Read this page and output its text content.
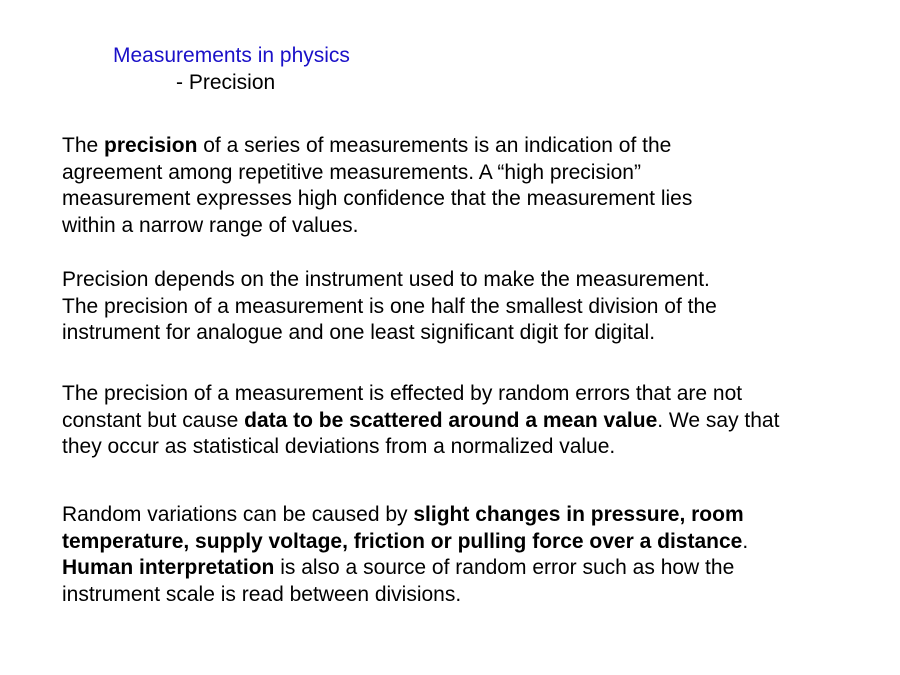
Measurements in physics
- Precision

The precision of a series of measurements is an indication of the
agreement among repetitive measurements. A “high precision”
measurement expresses high confidence that the measurement lies
within a narrow range of values.

Precision depends on the instrument used to make the measurement.
The precision of a measurement is one half the smallest division of the
instrument for analogue and one least significant digit for digital.

The precision of a measurement is effected by random errors that are not
constant but cause data to be scattered around a mean value. We say that
they occur as statistical deviations from a normalized value.

Random variations can be caused by slight changes in pressure, room
temperature, supply voltage, friction or pulling force over a distance.
Human interpretation is also a source of random error such as how the
instrument scale is read between divisions.
